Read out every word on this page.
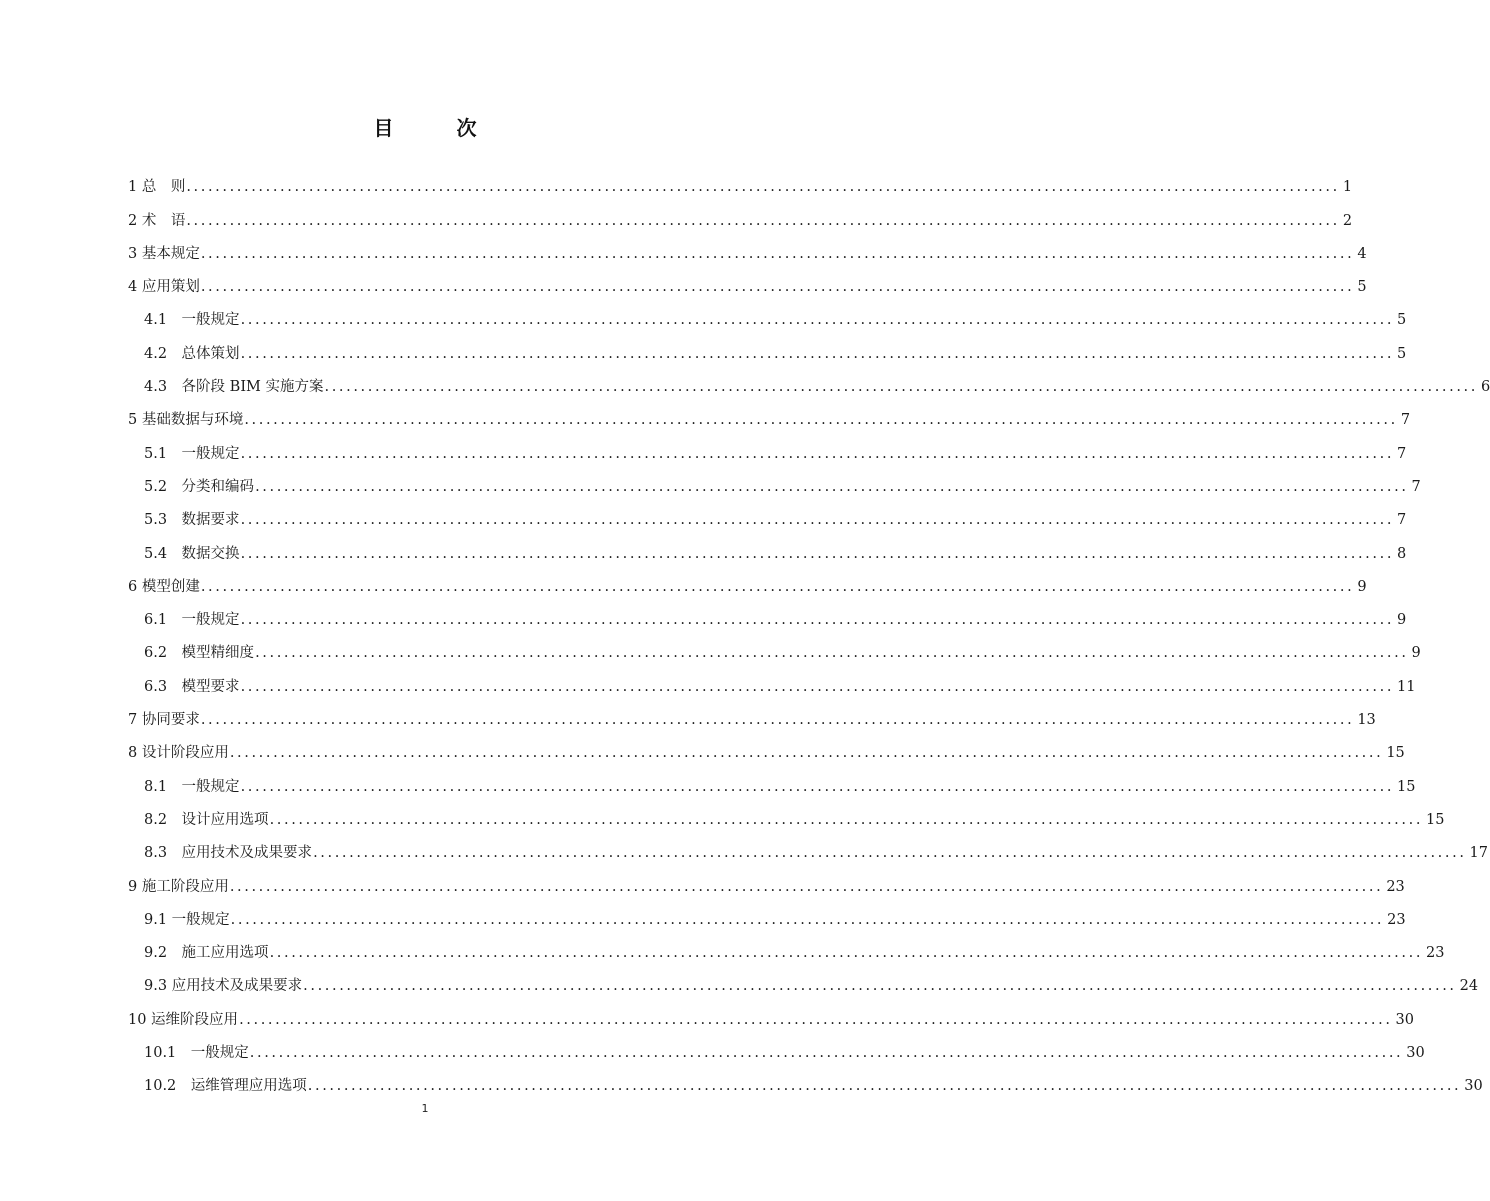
目 次
1 总　则 ................................................................................................................................................................ 1
2 术　语 ................................................................................................................................................................ 2
3 基本规定 ................................................................................................................................................................ 4
4 应用策划 ................................................................................................................................................................ 5
4.1　一般规定 ................................................................................................................................................................ 5
4.2　总体策划 ................................................................................................................................................................ 5
4.3　各阶段 BIM 实施方案 ................................................................................................................................................................ 6
5 基础数据与环境 ................................................................................................................................................................ 7
5.1　一般规定 ................................................................................................................................................................ 7
5.2　分类和编码 ................................................................................................................................................................ 7
5.3　数据要求 ................................................................................................................................................................ 7
5.4　数据交换 ................................................................................................................................................................ 8
6 模型创建 ................................................................................................................................................................ 9
6.1　一般规定 ................................................................................................................................................................ 9
6.2　模型精细度 ................................................................................................................................................................ 9
6.3　模型要求 ................................................................................................................................................................ 11
7 协同要求 ................................................................................................................................................................ 13
8 设计阶段应用 ................................................................................................................................................................ 15
8.1　一般规定 ................................................................................................................................................................ 15
8.2　设计应用选项 ................................................................................................................................................................ 15
8.3　应用技术及成果要求 ................................................................................................................................................................ 17
9 施工阶段应用 ................................................................................................................................................................ 23
9.1 一般规定 ................................................................................................................................................................ 23
9.2　施工应用选项 ................................................................................................................................................................ 23
9.3 应用技术及成果要求 ................................................................................................................................................................ 24
10 运维阶段应用 ................................................................................................................................................................ 30
10.1　一般规定 ................................................................................................................................................................ 30
10.2　运维管理应用选项 ................................................................................................................................................................ 30
1
